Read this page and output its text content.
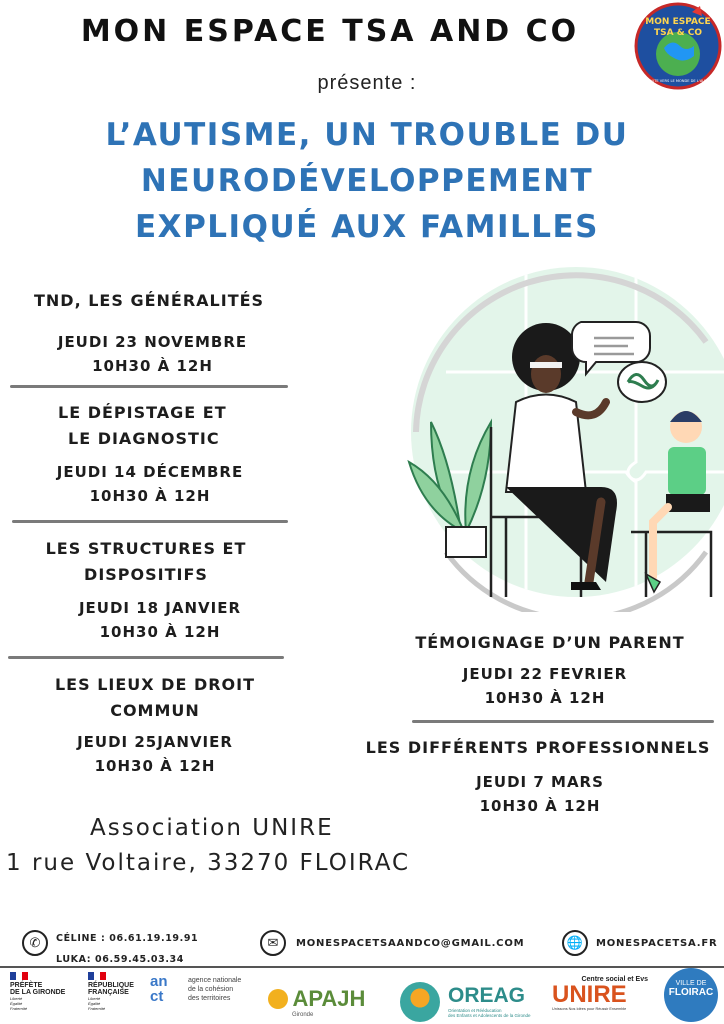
MON ESPACE TSA AND CO	MON ESPACE
TSA & CO
EN ROUTE VERS LE MONDE DE L'AUTISME
présente :
L’AUTISME, UN TROUBLE DU
NEURODÉVELOPPEMENT
EXPLIQUÉ AUX FAMILLES
TND, LES GÉNÉRALITÉS
JEUDI 23 NOVEMBRE
10H30 À 12H
LE DÉPISTAGE ET
LE DIAGNOSTIC
JEUDI 14 DÉCEMBRE
10H30 À 12H
LES STRUCTURES ET
DISPOSITIFS
JEUDI 18 JANVIER
10H30 À 12H
LES LIEUX DE DROIT
COMMUN
JEUDI 25JANVIER
10H30 À 12H
TÉMOIGNAGE D’UN PARENT
JEUDI 22 FEVRIER
10H30 À 12H
LES DIFFÉRENTS PROFESSIONNELS
JEUDI 7 MARS
10H30 À 12H
Association UNIRE
1 rue Voltaire, 33270 FLOIRAC
✆	CÉLINE : 06.61.19.19.91
LUKA: 06.59.45.03.34
✉	MONESPACETSAANDCO@GMAIL.COM	🌐	MONESPACETSA.FR
PRÉFÈTE
DE LA GIRONDE
Liberté
Égalité
Fraternité
RÉPUBLIQUE
FRANÇAISE
Liberté
Égalité
Fraternité
an ct
agence nationale
de la cohésion
des territoires	APAJH
Gironde
OREAG
Orientation et Rééducation
des Enfants et Adolescents de la Gironde
Centre social et Evs
UNIRE
Unissons Nos Idées pour Réussir Ensemble
VILLE DE
FLOIRAC
